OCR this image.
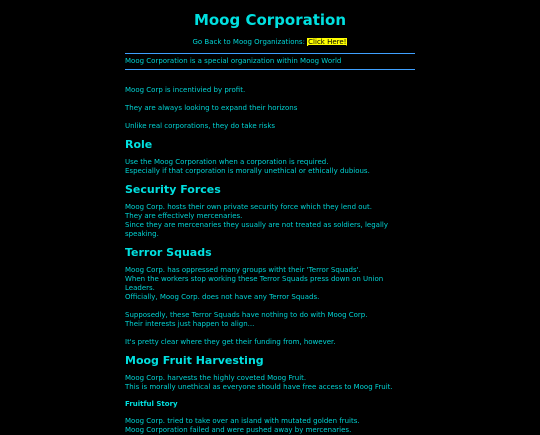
Moog Corporation
Go Back to Moog Organizations: Click Here!

Moog Corporation is a special organization within Moog World

Moog Corp is incentivied by profit.

They are always looking to expand their horizons

Unlike real corporations, they do take risks

Role

Use the Moog Corporation when a corporation is required.

Especially if that corporation is morally unethical or ethically dubious.

Security Forces

Moog Corp. hosts their own private security force which they lend out.

They are effectively mercenaries.

Since they are mercenaries they usually are not treated as soldiers, legally speaking.

Terror Squads

Moog Corp. has oppressed many groups witht their 'Terror Squads'.

When the workers stop working these Terror Squads press down on Union Leaders.

Officially, Moog Corp. does not have any Terror Squads.

Supposedly, these Terror Squads have nothing to do with Moog Corp.

Their interests just happen to align...

It's pretty clear where they get their funding from, however.

Moog Fruit Harvesting

Moog Corp. harvests the highly coveted Moog Fruit.

This is morally unethical as everyone should have free access to Moog Fruit.

Fruitful Story

Moog Corp. tried to take over an island with mutated golden fruits.

Moog Corporation failed and were pushed away by mercenaries.
